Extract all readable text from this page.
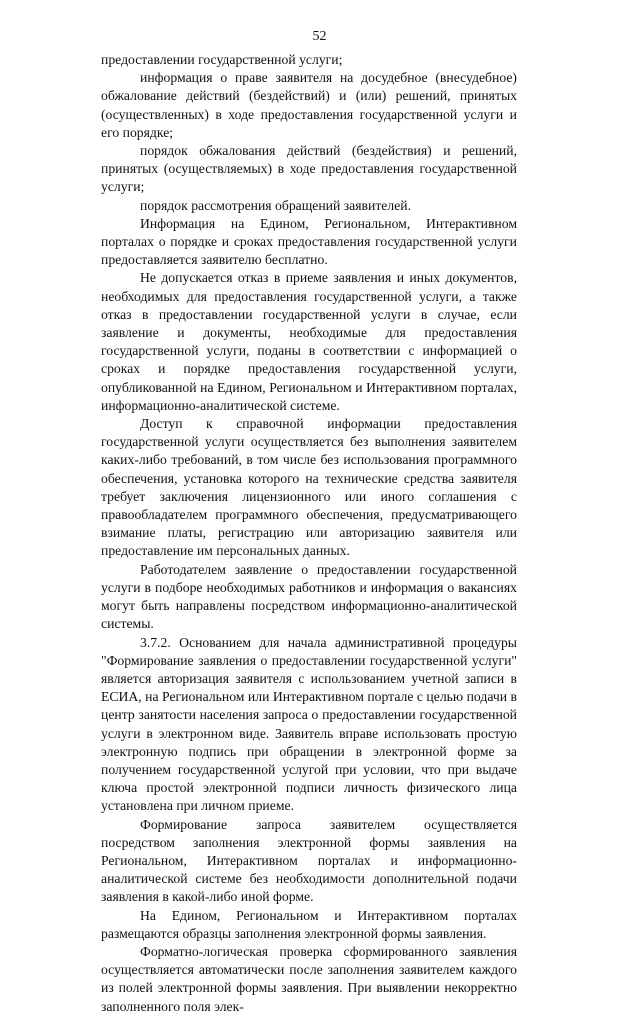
52

предоставлении государственной услуги;

информация о праве заявителя на досудебное (внесудебное) обжалование действий (бездействий) и (или) решений, принятых (осуществленных) в ходе предоставления государственной услуги и его порядке;

порядок обжалования действий (бездействия) и решений, принятых (осуществляемых) в ходе предоставления государственной услуги;

порядок рассмотрения обращений заявителей.

Информация на Едином, Региональном, Интерактивном порталах о порядке и сроках предоставления государственной услуги предоставляется заявителю бесплатно.

Не допускается отказ в приеме заявления и иных документов, необходимых для предоставления государственной услуги, а также отказ в предоставлении государственной услуги в случае, если заявление и документы, необходимые для предоставления государственной услуги, поданы в соответствии с информацией о сроках и порядке предоставления государственной услуги, опубликованной на Едином, Региональном и Интерактивном порталах, информационно-аналитической системе.

Доступ к справочной информации предоставления государственной услуги осуществляется без выполнения заявителем каких-либо требований, в том числе без использования программного обеспечения, установка которого на технические средства заявителя требует заключения лицензионного или иного соглашения с правообладателем программного обеспечения, предусматривающего взимание платы, регистрацию или авторизацию заявителя или предоставление им персональных данных.

Работодателем заявление о предоставлении государственной услуги в подборе необходимых работников и информация о вакансиях могут быть направлены посредством информационно-аналитической системы.

3.7.2. Основанием для начала административной процедуры "Формирование заявления о предоставлении государственной услуги" является авторизация заявителя с использованием учетной записи в ЕСИА, на Региональном или Интерактивном портале с целью подачи в центр занятости населения запроса о предоставлении государственной услуги в электронном виде. Заявитель вправе использовать простую электронную подпись при обращении в электронной форме за получением государственной услугой при условии, что при выдаче ключа простой электронной подписи личность физического лица установлена при личном приеме.

Формирование запроса заявителем осуществляется посредством заполнения электронной формы заявления на Региональном, Интерактивном порталах и информационно-аналитической системе без необходимости дополнительной подачи заявления в какой-либо иной форме.

На Едином, Региональном и Интерактивном порталах размещаются образцы заполнения электронной формы заявления.

Форматно-логическая проверка сформированного заявления осуществляется автоматически после заполнения заявителем каждого из полей электронной формы заявления. При выявлении некорректно заполненного поля элек-
